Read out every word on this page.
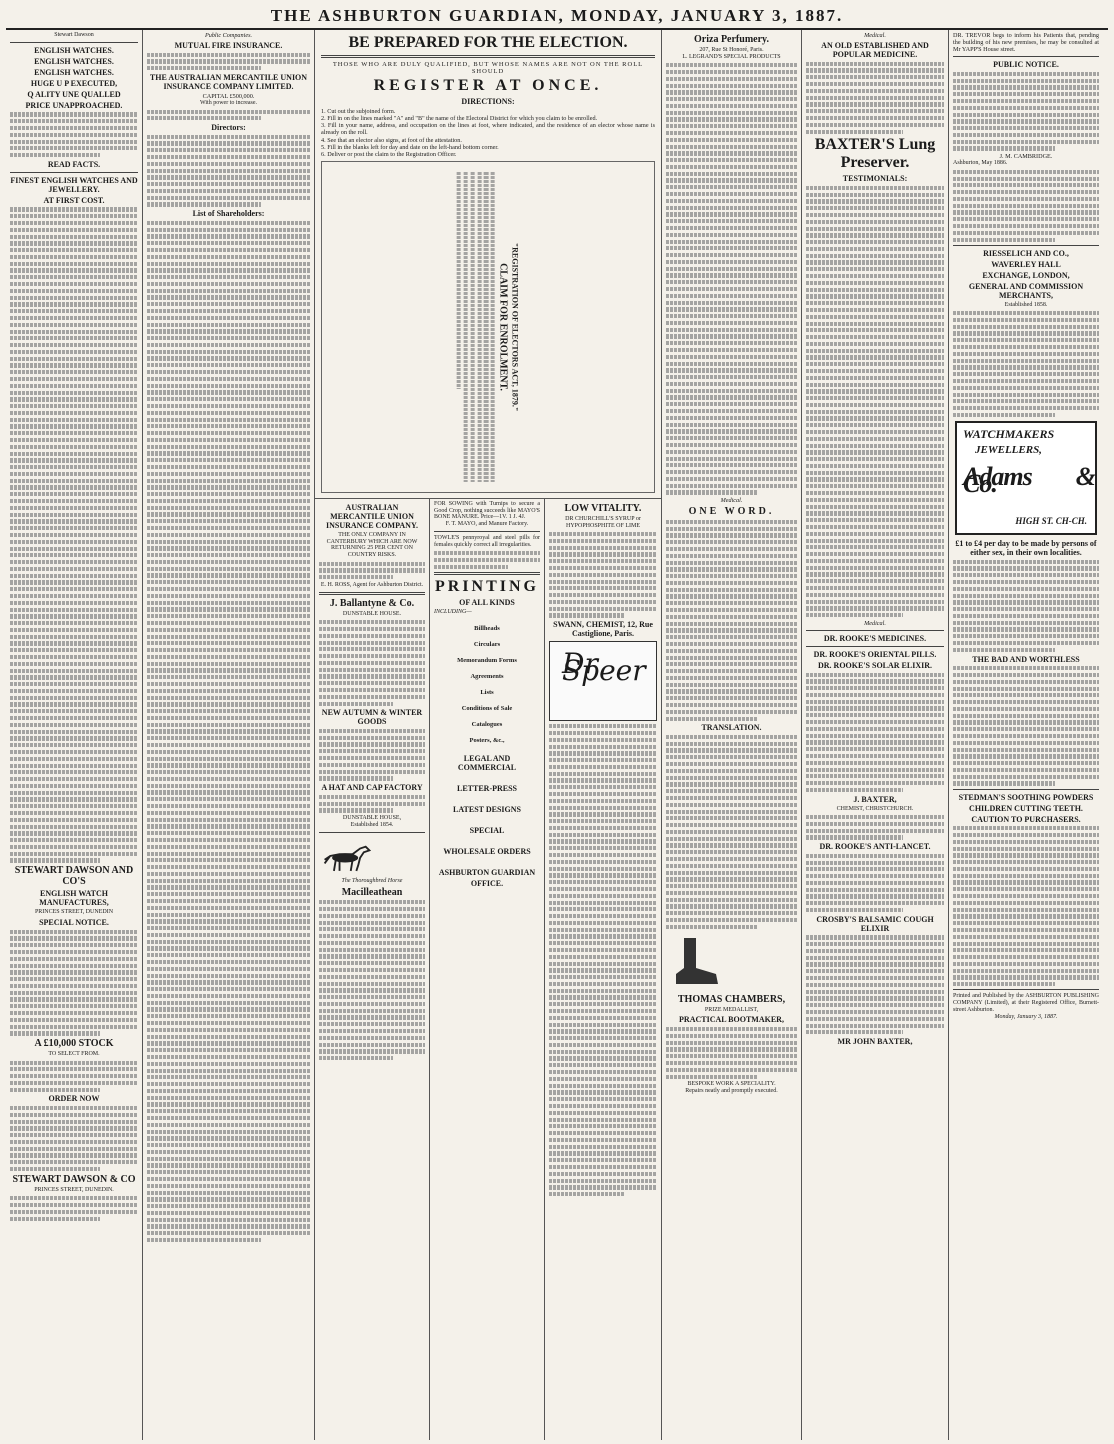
THE ASHBURTON GUARDIAN, MONDAY, JANUARY 3, 1887.
Stewart Dawson
ENGLISH WATCHES.
ENGLISH WATCHES.
ENGLISH WATCHES.
HUGE U P EXECUTED,
Q ALITY UNE QUALLED
PRICE UNAPPROACHED.
READ FACTS.
FINEST ENGLISH WATCHES AND JEWELLERY.
AT FIRST COST.
STEWART DAWSON AND CO'S
ENGLISH WATCH MANUFACTURES,
PRINCES STREET, DUNEDIN
SPECIAL NOTICE.
A £10,000 STOCK
TO SELECT FROM.
ORDER NOW
STEWART DAWSON & CO
PRINCES STREET, DUNEDIN.
Public Companies.
MUTUAL FIRE INSURANCE.
THE AUSTRALIAN MERCANTILE UNION INSURANCE COMPANY LIMITED.
CAPITAL £500,000.
With power to increase.
Directors:
List of Shareholders:
BE PREPARED FOR THE ELECTION.
THOSE WHO ARE DULY QUALIFIED, BUT WHOSE NAMES ARE NOT ON THE ROLL SHOULD
REGISTER AT ONCE.
DIRECTIONS:
1. Cut out the subjoined form.
2. Fill in on the lines marked "A" and "B" the name of the Electoral District for which you claim to be enrolled.
3. Fill in your name, address, and occupation on the lines at foot, where indicated, and the residence of an elector whose name is already on the roll.
4. See that an elector also signs, at foot of the attestation.
5. Fill in the blanks left for day and date on the left-hand bottom corner.
6. Deliver or post the claim to the Registration Officer.
"REGISTRATION OF ELECTORS ACT, 1879."
CLAIM FOR ENROLMENT.
AUSTRALIAN MERCANTILE UNION INSURANCE COMPANY.
THE ONLY COMPANY IN CANTERBURY WHICH ARE NOW RETURNING 25 PER CENT ON COUNTRY RISKS.
E. H. ROSS, Agent for Ashburton District.
J. Ballantyne & Co.
DUNSTABLE HOUSE.
NEW AUTUMN & WINTER GOODS
A HAT AND CAP FACTORY
DUNSTABLE HOUSE,
Established 1854.
The Thoroughbred Horse
Macilleathean
FOR SOWING with Turnips to secure a Good Crop, nothing succeeds like MAYO'S BONE MANURE. Price—1V. 1 J. 4J.
F. T. MAYO, and Manure Factory.
TOWLE'S pennyroyal and steel pills for females quickly correct all irregularities.
PRINTING
OF ALL KINDS
INCLUDING—
Billheads
Circulars
Memorandum Forms
Agreements
Lists
Conditions of Sale
Catalogues
Posters, &c.,
LEGAL AND COMMERCIAL
LETTER-PRESS
LATEST DESIGNS
SPECIAL
WHOLESALE ORDERS
ASHBURTON GUARDIAN
OFFICE.
LOW VITALITY.
DR CHURCHILL'S SYRUP or HYPOPHOSPHITE OF LIME
SWANN, CHEMIST, 12, Rue Castiglione, Paris.
Dr Speer
Oriza Perfumery.
207, Rue St Honoré, Paris.
L. LEGRAND'S SPECIAL PRODUCTS
Medical.
ONE WORD.
TRANSLATION.
THOMAS CHAMBERS,
PRIZE MEDALLIST,
PRACTICAL BOOTMAKER,
BESPOKE WORK A SPECIALITY.
Repairs neatly and promptly executed.
Medical.
AN OLD ESTABLISHED AND POPULAR MEDICINE.
BAXTER'S Lung Preserver.
TESTIMONIALS:
Medical.
DR. ROOKE'S MEDICINES.
DR. ROOKE'S ORIENTAL PILLS.
DR. ROOKE'S SOLAR ELIXIR.
J. BAXTER,
CHEMIST, CHRISTCHURCH.
DR. ROOKE'S ANTI-LANCET.
CROSBY'S BALSAMIC COUGH ELIXIR
MR JOHN BAXTER,
DR. TREVOR begs to inform his Patients that, pending the building of his new premises, he may be consulted at Mr YAPP'S House street.
PUBLIC NOTICE.
J. M. CAMBRIDGE.
Ashburton, May 1886.
RIESSELICH AND CO.,
WAVERLEY HALL
EXCHANGE, LONDON,
GENERAL AND COMMISSION MERCHANTS,
Established 1858.
WATCHMAKERS
JEWELLERS,
Adams & Co.
HIGH ST. CH-CH.
£1 to £4 per day to be made by persons of either sex, in their own localities.
THE BAD AND WORTHLESS
STEDMAN'S SOOTHING POWDERS
CHILDREN CUTTING TEETH.
CAUTION TO PURCHASERS.
Printed and Published by the ASHBURTON PUBLISHING COMPANY (Limited), at their Registered Office, Burnett-street Ashburton.
Monday, January 3, 1887.
